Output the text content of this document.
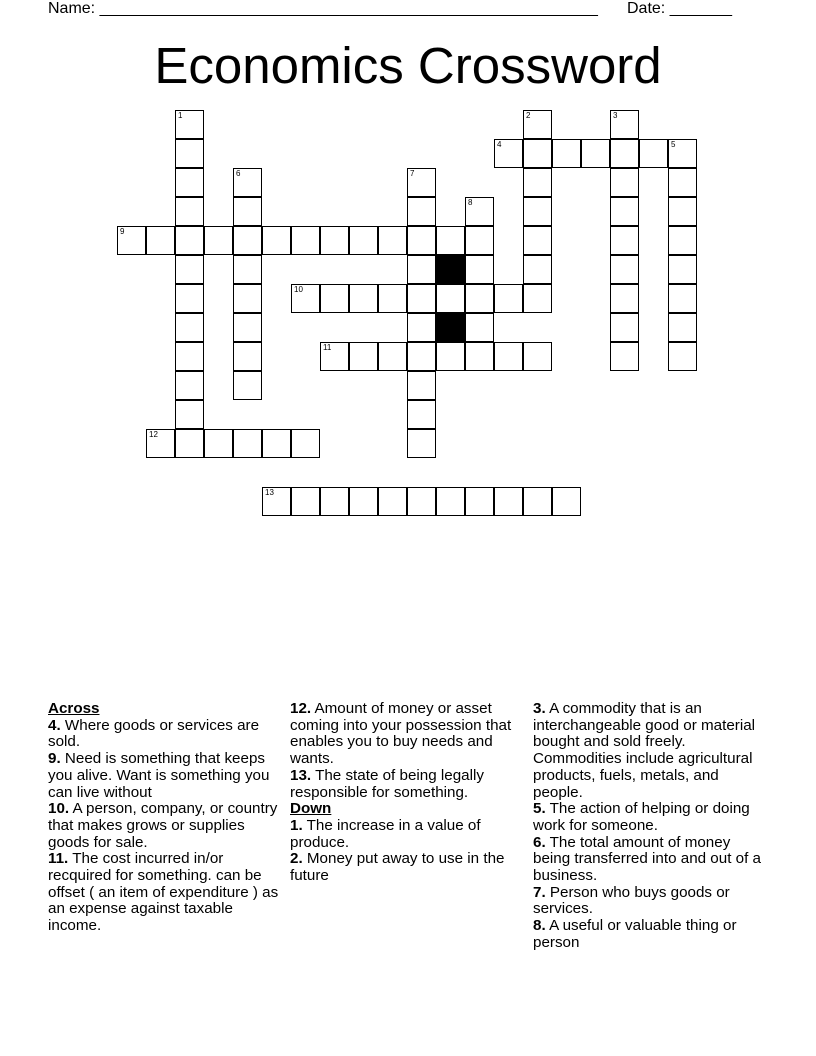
Name: ________________________________________________________ Date: _______
Economics Crossword
1	2	3
4	5
6	7
8
9
10
11
12
13

Across

4. Where goods or services are sold.

9. Need is something that keeps you alive. Want is something you can live without

10. A person, company, or country that makes grows or supplies goods for sale.

11. The cost incurred in/or recquired for something. can be offset ( an item of expenditure ) as an expense against taxable income.

12. Amount of money or asset coming into your possession that enables you to buy needs and wants.

13. The state of being legally responsible for something.

Down

1. The increase in a value of produce.

2. Money put away to use in the future

3. A commodity that is an interchangeable good or material bought and sold freely. Commodities include agricultural products, fuels, metals, and people.

5. The action of helping or doing work for someone.

6. The total amount of money being transferred into and out of a business.

7. Person who buys goods or services.

8. A useful or valuable thing or person
